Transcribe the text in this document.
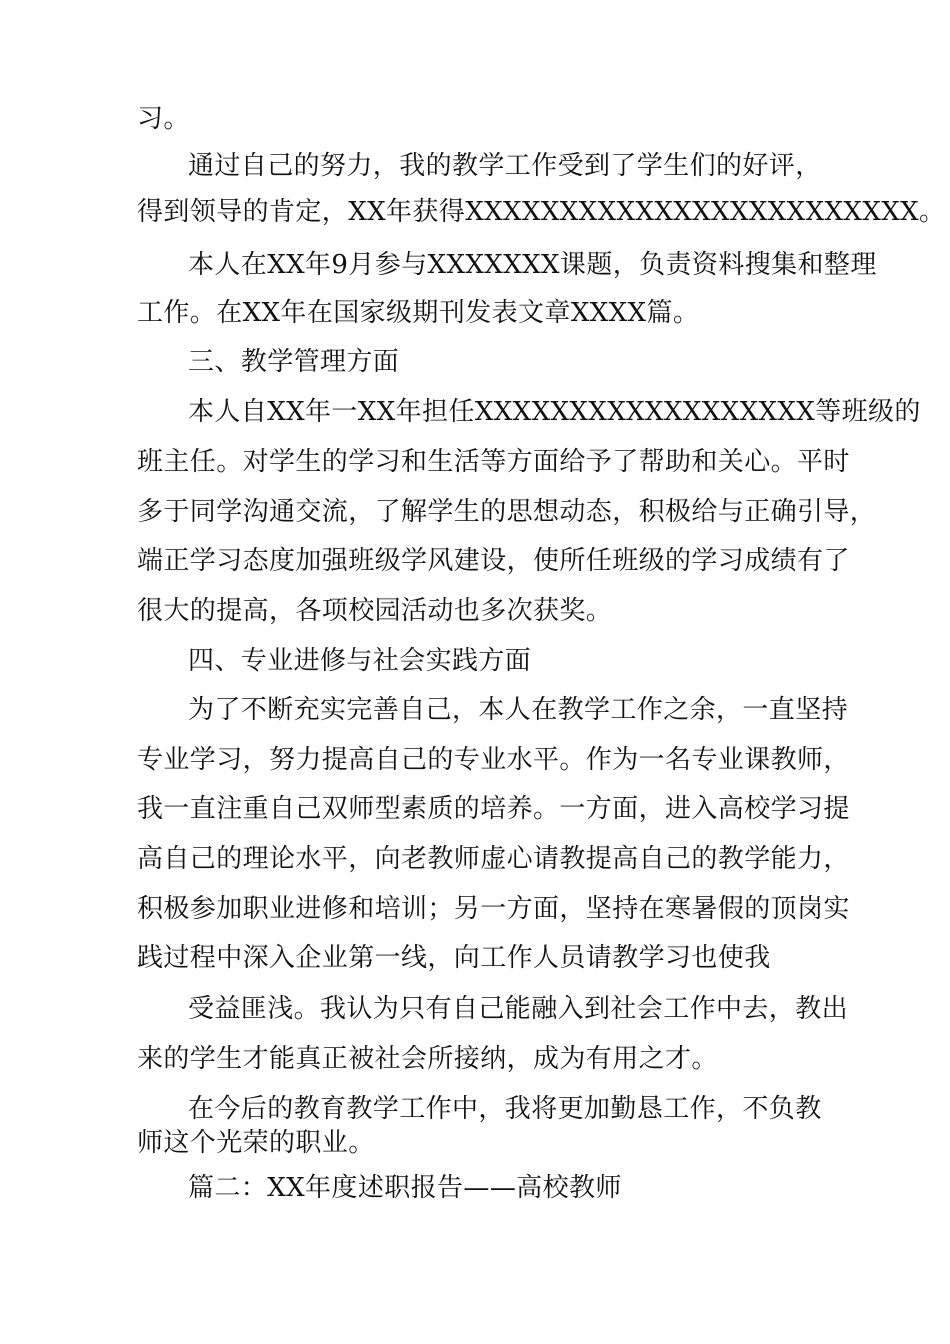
习。
通过自己的努力，我的教学工作受到了学生们的好评，
得到领导的肯定，XX年获得XXXXXXXXXXXXXXXXXXXXXXXX。
本人在XX年9月参与XXXXXXX课题，负责资料搜集和整理
工作。在XX年在国家级期刊发表文章XXXX篇。
三、教学管理方面
本人自XX年一XX年担任XXXXXXXXXXXXXXXXXX等班级的
班主任。对学生的学习和生活等方面给予了帮助和关心。平时
多于同学沟通交流，了解学生的思想动态，积极给与正确引导，
端正学习态度加强班级学风建设，使所任班级的学习成绩有了
很大的提高，各项校园活动也多次获奖。
四、专业进修与社会实践方面
为了不断充实完善自己，本人在教学工作之余，一直坚持
专业学习，努力提高自己的专业水平。作为一名专业课教师，
我一直注重自己双师型素质的培养。一方面，进入高校学习提
高自己的理论水平，向老教师虚心请教提高自己的教学能力，
积极参加职业进修和培训；另一方面，坚持在寒暑假的顶岗实
践过程中深入企业第一线，向工作人员请教学习也使我
受益匪浅。我认为只有自己能融入到社会工作中去，教出
来的学生才能真正被社会所接纳，成为有用之才。
在今后的教育教学工作中，我将更加勤恳工作，不负教
师这个光荣的职业。
篇二：XX年度述职报告——高校教师
